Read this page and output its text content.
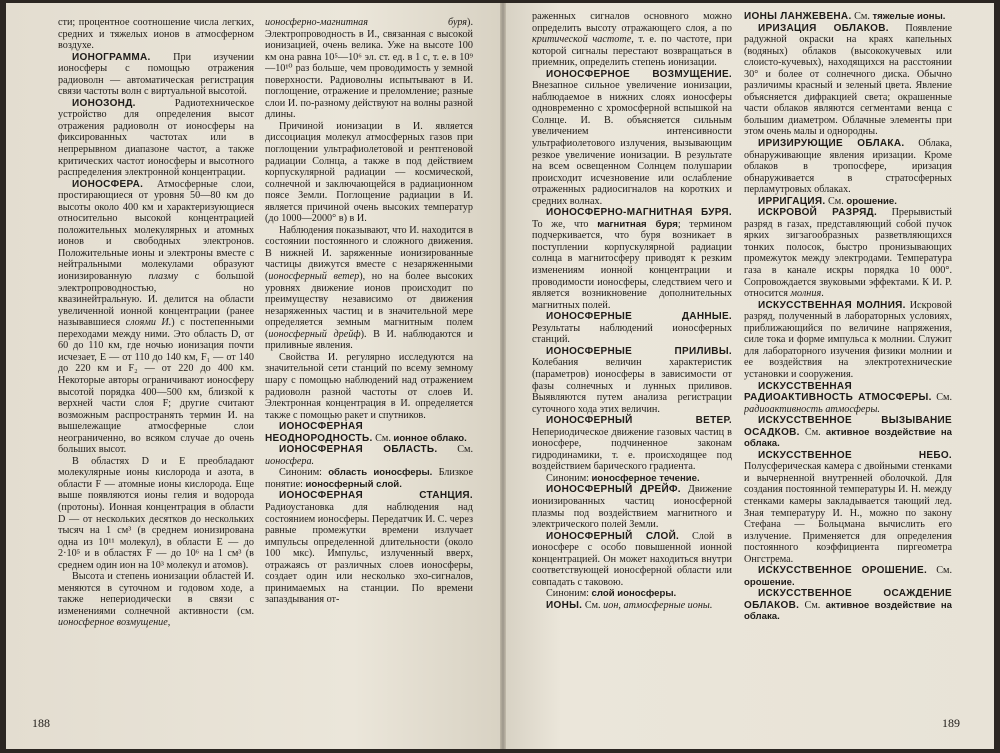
сти; процентное соотношение числа легких, средних и тяжелых ионов в атмосферном воздухе.

ИОНОГРАММА. При изучении ионосферы с помощью отражения радиоволн — автоматическая регистрация связи частоты волн с виртуальной высотой.

ИОНОЗОНД.	Радиотехническое устройство для определения высот отражения радиоволн от ионосферы на фиксированных частотах или в непрерывном диапазоне частот, а также критических частот ионосферы и высотного распределения электронной концентрации.

ИОНОСФЕРА. Атмосферные слои, простирающиеся от уровня 50—80 км до высоты около 400 км и характеризующиеся относительно высокой концентрацией положительных молекулярных и атомных ионов и свободных электронов. Положительные ионы и электроны вместе с нейтральными молекулами образуют ионизированную плазму с большой электропроводностью, но квазинейтральную. И. делится на области увеличенной ионной концентрации (ранее называвшиеся слоями И.) с постепенными переходами между ними. Это область D, от 60 до 110 км, где ночью ионизация почти исчезает, E — от 110 до 140 км, F₁ — от 140 до 220 км и F₂ — от 220 до 400 км. Некоторые авторы ограничивают ионосферу высотой порядка 400—500 км, близкой к верхней части слоя F; другие считают возможным распространять термин И. на вышележащие атмосферные слои неограниченно, во всяком случае до очень больших высот.

В областях D и E преобладают молекулярные ионы кислорода и азота, в области F — атомные ионы кислорода. Еще выше появляются ионы гелия и водорода (протоны). Ионная концентрация в области D — от нескольких десятков до нескольких тысяч на 1 см³ (в среднем ионизирована одна из 10¹¹ молекул), в области E — до 2·10⁵ и в областях F — до 10⁶ на 1 см³ (в среднем один ион на 10³ молекул и атомов).

Высота и степень ионизации областей И. меняются в суточном и годовом ходе, а также непериодически в связи с изменениями солнечной активности (см. ионосферное возмущение,

ионосферно-магнитная буря). Электропроводность в И., связанная с высокой ионизацией, очень велика. Уже на высоте 100 км она равна 10⁵—10⁶ эл. ст. ед. в 1 с, т. е. в 10⁹—10¹⁰ раз больше, чем проводимость у земной поверхности. Радиоволны испытывают в И. поглощение, отражение и преломление; разные слои И. по-разному действуют на волны разной длины.

Причиной ионизации в И. является диссоциация молекул атмосферных газов при поглощении ультрафиолетовой и рентгеновой радиации Солнца, а также в под действием корпускулярной радиации — космической, солнечной и заключающейся в радиационном поясе Земли. Поглощение радиации в И. является причиной очень высоких температур (до 1000—2000° в) в И.

Наблюдения показывают, что И. находится в состоянии постоянного и сложного движения. В нижней И. заряженные ионизированные частицы движутся вместе с незаряженными (ионосферный ветер), но на более высоких уровнях движение ионов происходит по преимуществу независимо от движения незаряженных частиц и в значительной мере определяется земным магнитным полем (ионосферный дрейф). В И. наблюдаются и приливные явления.

Свойства И. регулярно исследуются на значительной сети станций по всему земному шару с помощью наблюдений над отражением радиоволн разной частоты от слоев И. Электронная концентрация в И. определяется также с помощью ракет и спутников.

ИОНОСФЕРНАЯ НЕОДНОРОДНОСТЬ. См. ионное облако.

ИОНОСФЕРНАЯ ОБЛАСТЬ. См. ионосфера.

Синоним: область ионосферы. Близкое понятие: ионосферный слой.

ИОНОСФЕРНАЯ СТАНЦИЯ. Радиоустановка для наблюдения над состоянием ионосферы. Передатчик И. С. через равные промежутки времени излучает импульсы определенной длительности (около 100 мкс). Импульс, излученный вверх, отражаясь от различных слоев ионосферы, создает один или несколько эхо-сигналов, принимаемых на станции. По времени запаздывания от-

188

раженных сигналов основного можно определить высоту отражающего слоя, а по критической частоте, т. е. по частоте, при которой сигналы перестают возвращаться в приемник, определить степень ионизации.

ИОНОСФЕРНОЕ ВОЗМУЩЕНИЕ. Внезапное сильное увеличение ионизации, наблюдаемое в нижних слоях ионосферы одновременно с хромосферной вспышкой на Солнце. И. В. объясняется сильным увеличением интенсивности ультрафиолетового излучения, вызывающим резкое увеличение ионизации. В результате на всем освещенном Солнцем полушарии происходит исчезновение или ослабление отраженных радиосигналов на коротких и средних волнах.

ИОНОСФЕРНО-МАГНИТНАЯ БУРЯ. То же, что магнитная буря; термином подчеркивается, что буря возникает в поступлении корпускулярной радиации солнца в магнитосферу приводят к резким изменениям ионной концентрации и проводимости ионосферы, следствием чего и является возникновение дополнительных магнитных полей.

ИОНОСФЕРНЫЕ ДАННЫЕ. Результаты наблюдений ионосферных станций.

ИОНОСФЕРНЫЕ ПРИЛИВЫ. Колебания величин характеристик (параметров) ионосферы в зависимости от фазы солнечных и лунных приливов. Выявляются путем анализа регистрации суточного хода этих величин.

ИОНОСФЕРНЫЙ ВЕТЕР. Непериодическое движение газовых частиц в ионосфере, подчиненное законам гидродинамики, т. е. происходящее под воздействием барического градиента.

Синоним: ионосферное течение.

ИОНОСФЕРНЫЙ ДРЕЙФ. Движение ионизированных частиц ионосферной плазмы под воздействием магнитного и электрического полей Земли.

ИОНОСФЕРНЫЙ СЛОЙ. Слой в ионосфере с особо повышенной ионной концентрацией. Он может находиться внутри соответствующей ионосферной области или совпадать с таковою.

Синоним: слой ионосферы.

ИОНЫ. См. ион, атмосферные ионы.

ИОНЫ ЛАНЖЕВЕНА. См. тяжелые ионы.

ИРИЗАЦИЯ ОБЛАКОВ. Появление радужной окраски на краях капельных (водяных) облаков (высококучевых или слоисто-кучевых), находящихся на расстоянии 30° и более от солнечного диска. Обычно различимы красный и зеленый цвета. Явление объясняется дифракцией света; окрашенные части облаков являются сегментами венца с большим диаметром. Облачные элементы при этом очень малы и однородны.

ИРИЗИРУЮЩИЕ ОБЛАКА. Облака, обнаруживающие явления иризации. Кроме облаков в тропосфере, иризация обнаруживается в стратосферных перламутровых облаках.

ИРРИГАЦИЯ. См. орошение.

ИСКРОВОЙ РАЗРЯД. Прерывистый разряд в газах, представляющий собой пучок ярких зигзагообразных разветвляющихся тонких полосок, быстро пронизывающих промежуток между электродами. Температура газа в канале искры порядка 10 000°. Сопровождается звуковыми эффектами. К И. Р. относится молния.

ИСКУССТВЕННАЯ МОЛНИЯ. Искровой разряд, полученный в лабораторных условиях, приближающийся по величине напряжения, силе тока и форме импульса к молнии. Служит для лабораторного изучения физики молнии и ее воздействия на электротехнические установки и сооружения.

ИСКУССТВЕННАЯ РАДИОАКТИВНОСТЬ АТМОСФЕРЫ. См. радиоактивность атмосферы.

ИСКУССТВЕННОЕ ВЫЗЫВАНИЕ ОСАДКОВ. См. активное воздействие на облака.

ИСКУССТВЕННОЕ НЕБО. Полусферическая камера с двойными стенками и вычерненной внутренней оболочкой. Для создания постоянной температуры И. Н. между стенками камеры закладывается тающий лед. Зная температуру И. Н., можно по закону Стефана — Больцмана вычислить его излучение. Применяется для определения постоянного коэффициента пиргеометра Онгстрема.

ИСКУССТВЕННОЕ ОРОШЕНИЕ. См. орошение.

ИСКУССТВЕННОЕ ОСАЖДЕНИЕ ОБЛАКОВ. См. активное воздействие на облака.

189
